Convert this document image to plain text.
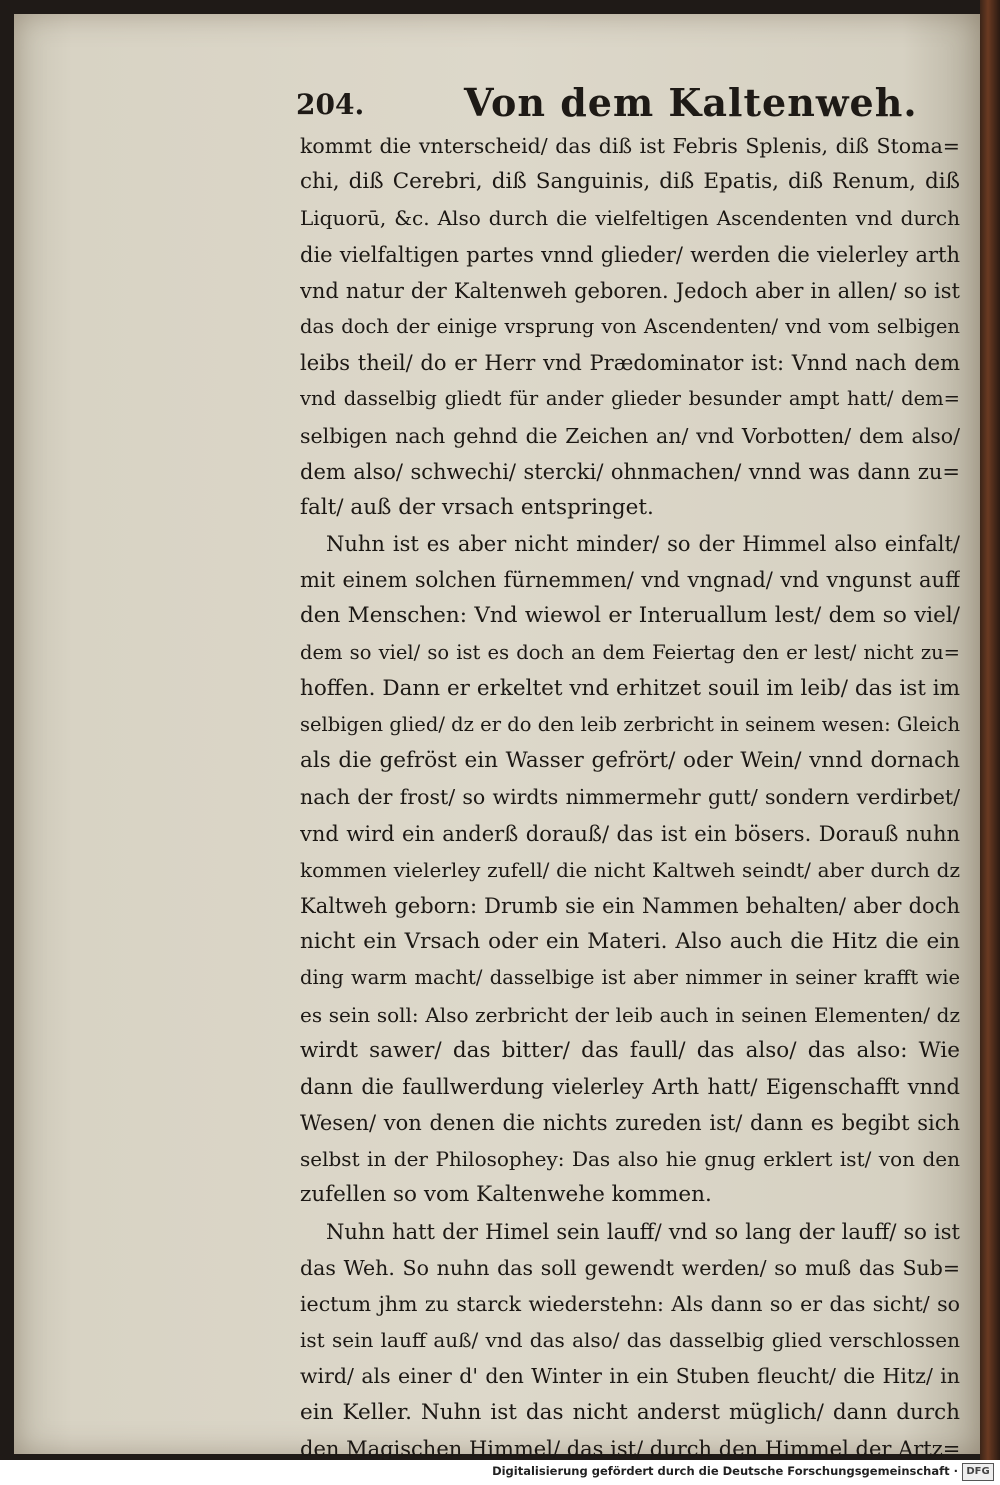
204.	Von dem Kaltenweh.
kommt die vnterscheid/ das diß ist Febris Splenis, diß Stoma=
chi, diß Cerebri, diß Sanguinis, diß Epatis, diß Renum, diß
Liquorū, &c. Also durch die vielfeltigen Ascendenten vnd durch
die vielfaltigen partes vnnd glieder/ werden die vielerley arth
vnd natur der Kaltenweh geboren. Jedoch aber in allen/ so ist
das doch der einige vrsprung von Ascendenten/ vnd vom selbigen
leibs theil/ do er Herr vnd Prædominator ist: Vnnd nach dem
vnd dasselbig gliedt für ander glieder besunder ampt hatt/ dem=
selbigen nach gehnd die Zeichen an/ vnd Vorbotten/ dem also/
dem also/ schwechi/ stercki/ ohnmachen/ vnnd was dann zu=
falt/ auß der vrsach entspringet.
Nuhn ist es aber nicht minder/ so der Himmel also einfalt/
mit einem solchen fürnemmen/ vnd vngnad/ vnd vngunst auff
den Menschen: Vnd wiewol er Interuallum lest/ dem so viel/
dem so viel/ so ist es doch an dem Feiertag den er lest/ nicht zu=
hoffen. Dann er erkeltet vnd erhitzet souil im leib/ das ist im
selbigen glied/ dz er do den leib zerbricht in seinem wesen: Gleich
als die gefröst ein Wasser gefrört/ oder Wein/ vnnd dornach
nach der frost/ so wirdts nimmermehr gutt/ sondern verdirbet/
vnd wird ein anderß dorauß/ das ist ein bösers. Dorauß nuhn
kommen vielerley zufell/ die nicht Kaltweh seindt/ aber durch dz
Kaltweh geborn: Drumb sie ein Nammen behalten/ aber doch
nicht ein Vrsach oder ein Materi. Also auch die Hitz die ein
ding warm macht/ dasselbige ist aber nimmer in seiner krafft wie
es sein soll: Also zerbricht der leib auch in seinen Elementen/ dz
wirdt sawer/ das bitter/ das faull/ das also/ das also: Wie
dann die faullwerdung vielerley Arth hatt/ Eigenschafft vnnd
Wesen/ von denen die nichts zureden ist/ dann es begibt sich
selbst in der Philosophey: Das also hie gnug erklert ist/ von den
zufellen so vom Kaltenwehe kommen.
Nuhn hatt der Himel sein lauff/ vnd so lang der lauff/ so ist
das Weh. So nuhn das soll gewendt werden/ so muß das Sub=
iectum jhm zu starck wiederstehn: Als dann so er das sicht/ so
ist sein lauff auß/ vnd das also/ das dasselbig glied verschlossen
wird/ als einer d' den Winter in ein Stuben fleucht/ die Hitz/ in
ein Keller. Nuhn ist das nicht anderst müglich/ dann durch
den Magischen Himmel/ das ist/ durch den Himmel der Artz=
Digitalisierung gefördert durch die Deutsche Forschungsgemeinschaft · DFG
